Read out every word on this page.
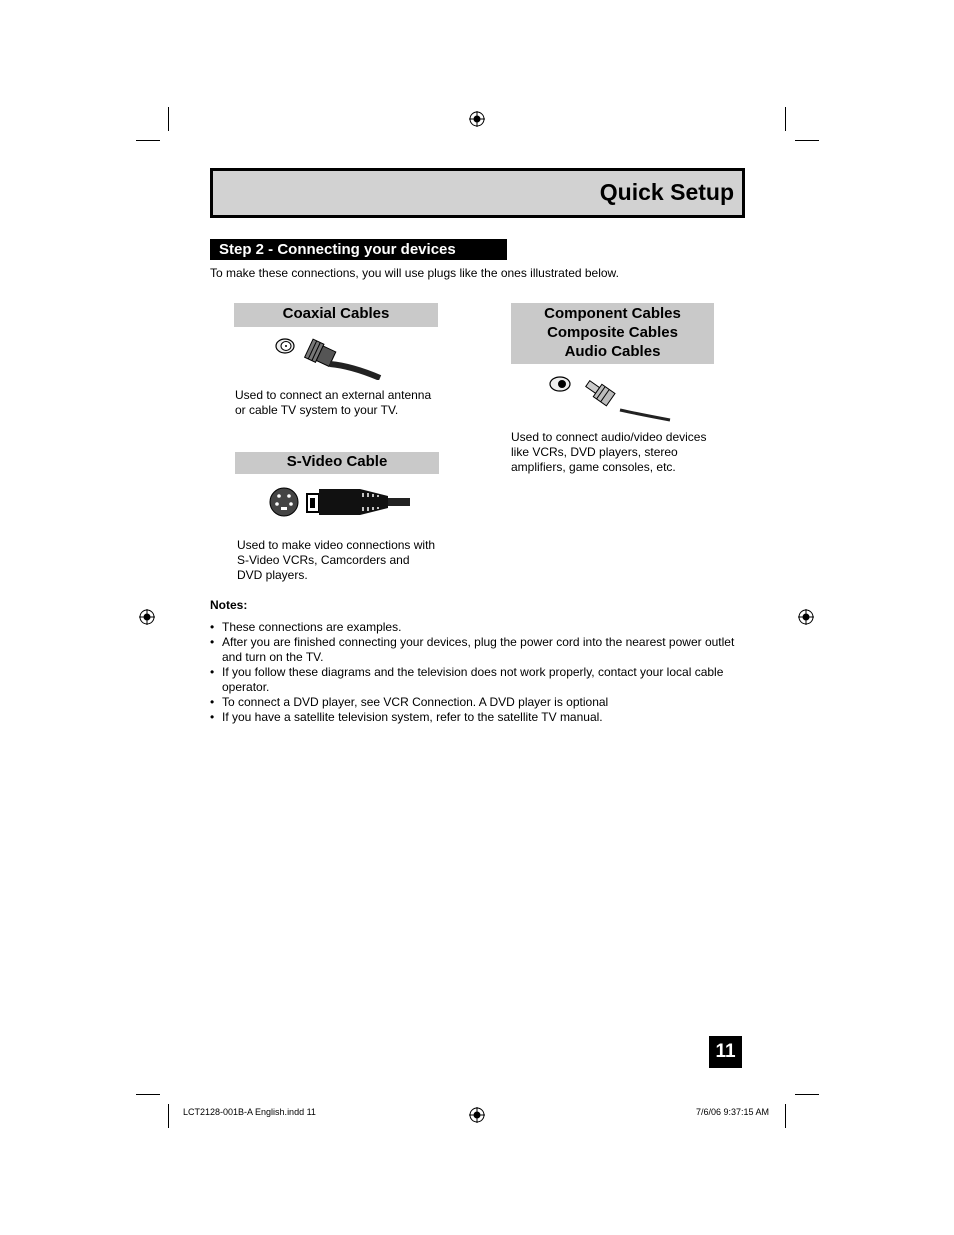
Quick Setup
Step 2 - Connecting your devices
To make these connections, you will use plugs like the ones illustrated below.
Coaxial Cables
Used to connect an external antenna or cable TV system to your TV.
S-Video Cable
Used to make video connections with S-Video VCRs, Camcorders and DVD players.
Component Cables
Composite Cables
Audio Cables
Used to connect audio/video devices like VCRs, DVD players, stereo amplifiers, game consoles, etc.
Notes:
• These connections are examples.
• After you are finished connecting your devices, plug the power cord into the nearest power outlet and turn on the TV.
• If you follow these diagrams and the television does not work properly, contact your local cable operator.
• To connect a DVD player, see VCR Connection. A DVD player is optional
• If you have a satellite television system, refer to the satellite TV manual.
11
LCT2128-001B-A English.indd 11	7/6/06 9:37:15 AM
